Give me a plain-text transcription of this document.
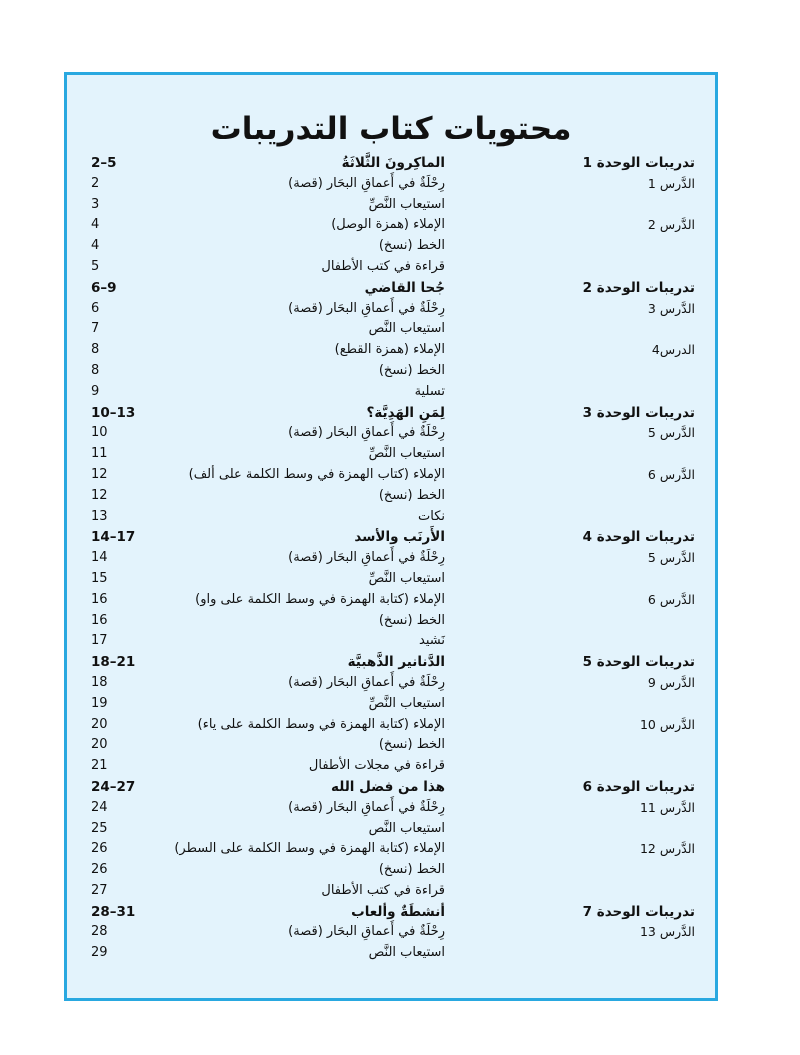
محتويات كتاب التدريبات
تدريبات الوحدة 1
الماكِرونَ الثَّلاثَةُ
2–5
الدَّرس 1
رِحْلَةٌ في أَعماقِ البحَار (قصة)
2
استيعاب النَّصِّ
3
الدَّرس 2
الإملاء (همزة الوصل)
4
الخط (نسخ)
4
قراءة في كتب الأطفال
5
تدريبات الوحدة 2
جُحا القاضي
6–9
الدَّرس 3
رِحْلَةٌ في أَعماقِ البحَار (قصة)
6
استيعاب النَّص
7
الدرس4
الإملاء (همزة القطع)
8
الخط (نسخ)
8
تسلية
9
تدريبات الوحدة 3
لِمَنِ الهَدِيَّة؟
10–13
الدَّرس 5
رِحْلَةٌ في أَعماقِ البحَار (قصة)
10
استيعاب النَّصِّ
11
الدَّرس 6
الإملاء (كتاب الهمزة في وسط الكلمة على ألف)
12
الخط (نسخ)
12
نكات
13
تدريبات الوحدة 4
الأَرنَب والأسد
14–17
الدَّرس 5
رِحْلَةٌ في أَعماقِ البحَار (قصة)
14
استيعاب النَّصِّ
15
الدَّرس 6
الإملاء (كتابة الهمزة في وسط الكلمة على واو)
16
الخط (نسخ)
16
نَشيد
17
تدريبات الوحدة 5
الدَّنانير الذَّهبيَّة
18–21
الدَّرس 9
رِحْلَةٌ في أَعماقِ البحَار (قصة)
18
استيعاب النَّصِّ
19
الدَّرس 10
الإملاء (كتابة الهمزة في وسط الكلمة على ياء)
20
الخط (نسخ)
20
قراءة في مجلات الأطفال
21
تدريبات الوحدة 6
هذا من فضل الله
24–27
الدَّرس 11
رِحْلَةٌ في أَعماقِ البحَار (قصة)
24
استيعاب النَّص
25
الدَّرس 12
الإملاء (كتابة الهمزة في وسط الكلمة على السطر)
26
الخط (نسخ)
26
قراءة في كتب الأطفال
27
تدريبات الوحدة 7
أنشطَةٌ وألعاب
28–31
الدَّرس 13
رِحْلَةٌ في أَعماقِ البحَار (قصة)
28
استيعاب النَّص
29
